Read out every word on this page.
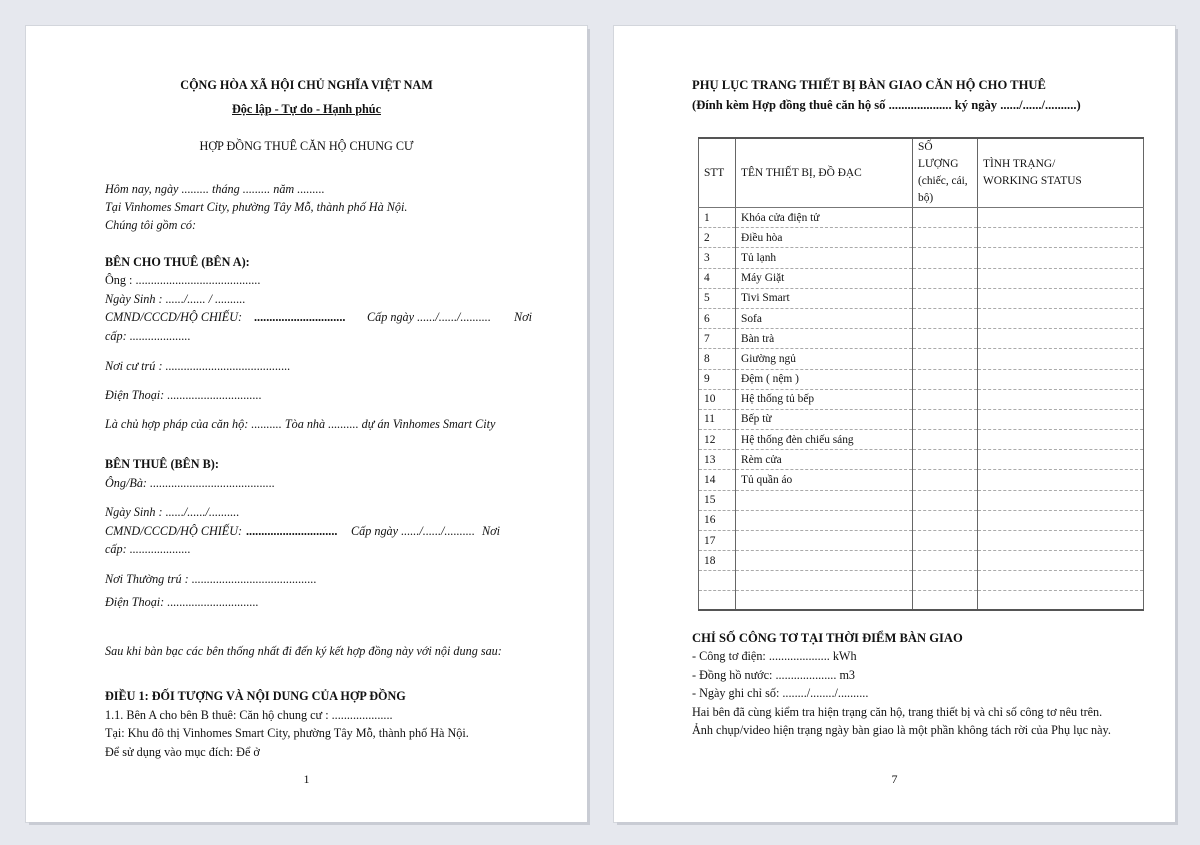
CỘNG HÒA XÃ HỘI CHỦ NGHĨA VIỆT NAM
Độc lập - Tự do - Hạnh phúc
HỢP ĐỒNG THUÊ CĂN HỘ CHUNG CƯ
Hôm nay, ngày ......... tháng ......... năm .........
Tại Vinhomes Smart City, phường Tây Mỗ, thành phố Hà Nội.
Chúng tôi gồm có:
BÊN CHO THUÊ (BÊN A):
Ông : .........................................
Ngày Sinh : ....../...... / ..........
CMND/CCCD/HỘ CHIẾU: .............................. Cấp ngày ....../....../.......... Nơi
cấp: ....................
Nơi cư trú : .........................................
Điện Thoại: ...............................
Là chủ hợp pháp của căn hộ: .......... Tòa nhà .......... dự án Vinhomes Smart City
BÊN THUÊ (BÊN B):
Ông/Bà: .........................................
Ngày Sinh : ....../....../..........
CMND/CCCD/HỘ CHIẾU: .............................. Cấp ngày ....../....../.......... Nơi
cấp: ....................
Nơi Thường trú : .........................................
Điện Thoại: ..............................
Sau khi bàn bạc các bên thống nhất đi đến ký kết hợp đồng này với nội dung sau:
ĐIỀU 1: ĐỐI TƯỢNG VÀ NỘI DUNG CỦA HỢP ĐỒNG
1.1. Bên A cho bên B thuê: Căn hộ chung cư : ....................
Tại: Khu đô thị Vinhomes Smart City, phường Tây Mỗ, thành phố Hà Nội.
Để sử dụng vào mục đích: Để ở
1
PHỤ LỤC TRANG THIẾT BỊ BÀN GIAO CĂN HỘ CHO THUÊ
(Đính kèm Hợp đồng thuê căn hộ số .................... ký ngày ....../....../..........)
STT	TÊN THIẾT BỊ, ĐỒ ĐẠC	SỐ
LƯỢNG
(chiếc, cái,
bộ)	TÌNH TRẠNG/
WORKING STATUS
1	Khóa cửa điện tử		
2	Điều hòa		
3	Tủ lạnh		
4	Máy Giặt		
5	Tivi Smart		
6	Sofa		
7	Bàn trà		
8	Giường ngủ		
9	Đệm ( nệm )		
10	Hệ thống tủ bếp		
11	Bếp từ		
12	Hệ thống đèn chiếu sáng		
13	Rèm cửa		
14	Tủ quần áo		
15			
16			
17			
18			

CHỈ SỐ CÔNG TƠ TẠI THỜI ĐIỂM BÀN GIAO
- Công tơ điện: .................... kWh
- Đồng hồ nước: .................... m3
- Ngày ghi chỉ số: ......../......../..........
Hai bên đã cùng kiểm tra hiện trạng căn hộ, trang thiết bị và chỉ số công tơ nêu trên.
Ảnh chụp/video hiện trạng ngày bàn giao là một phần không tách rời của Phụ lục này.
7
